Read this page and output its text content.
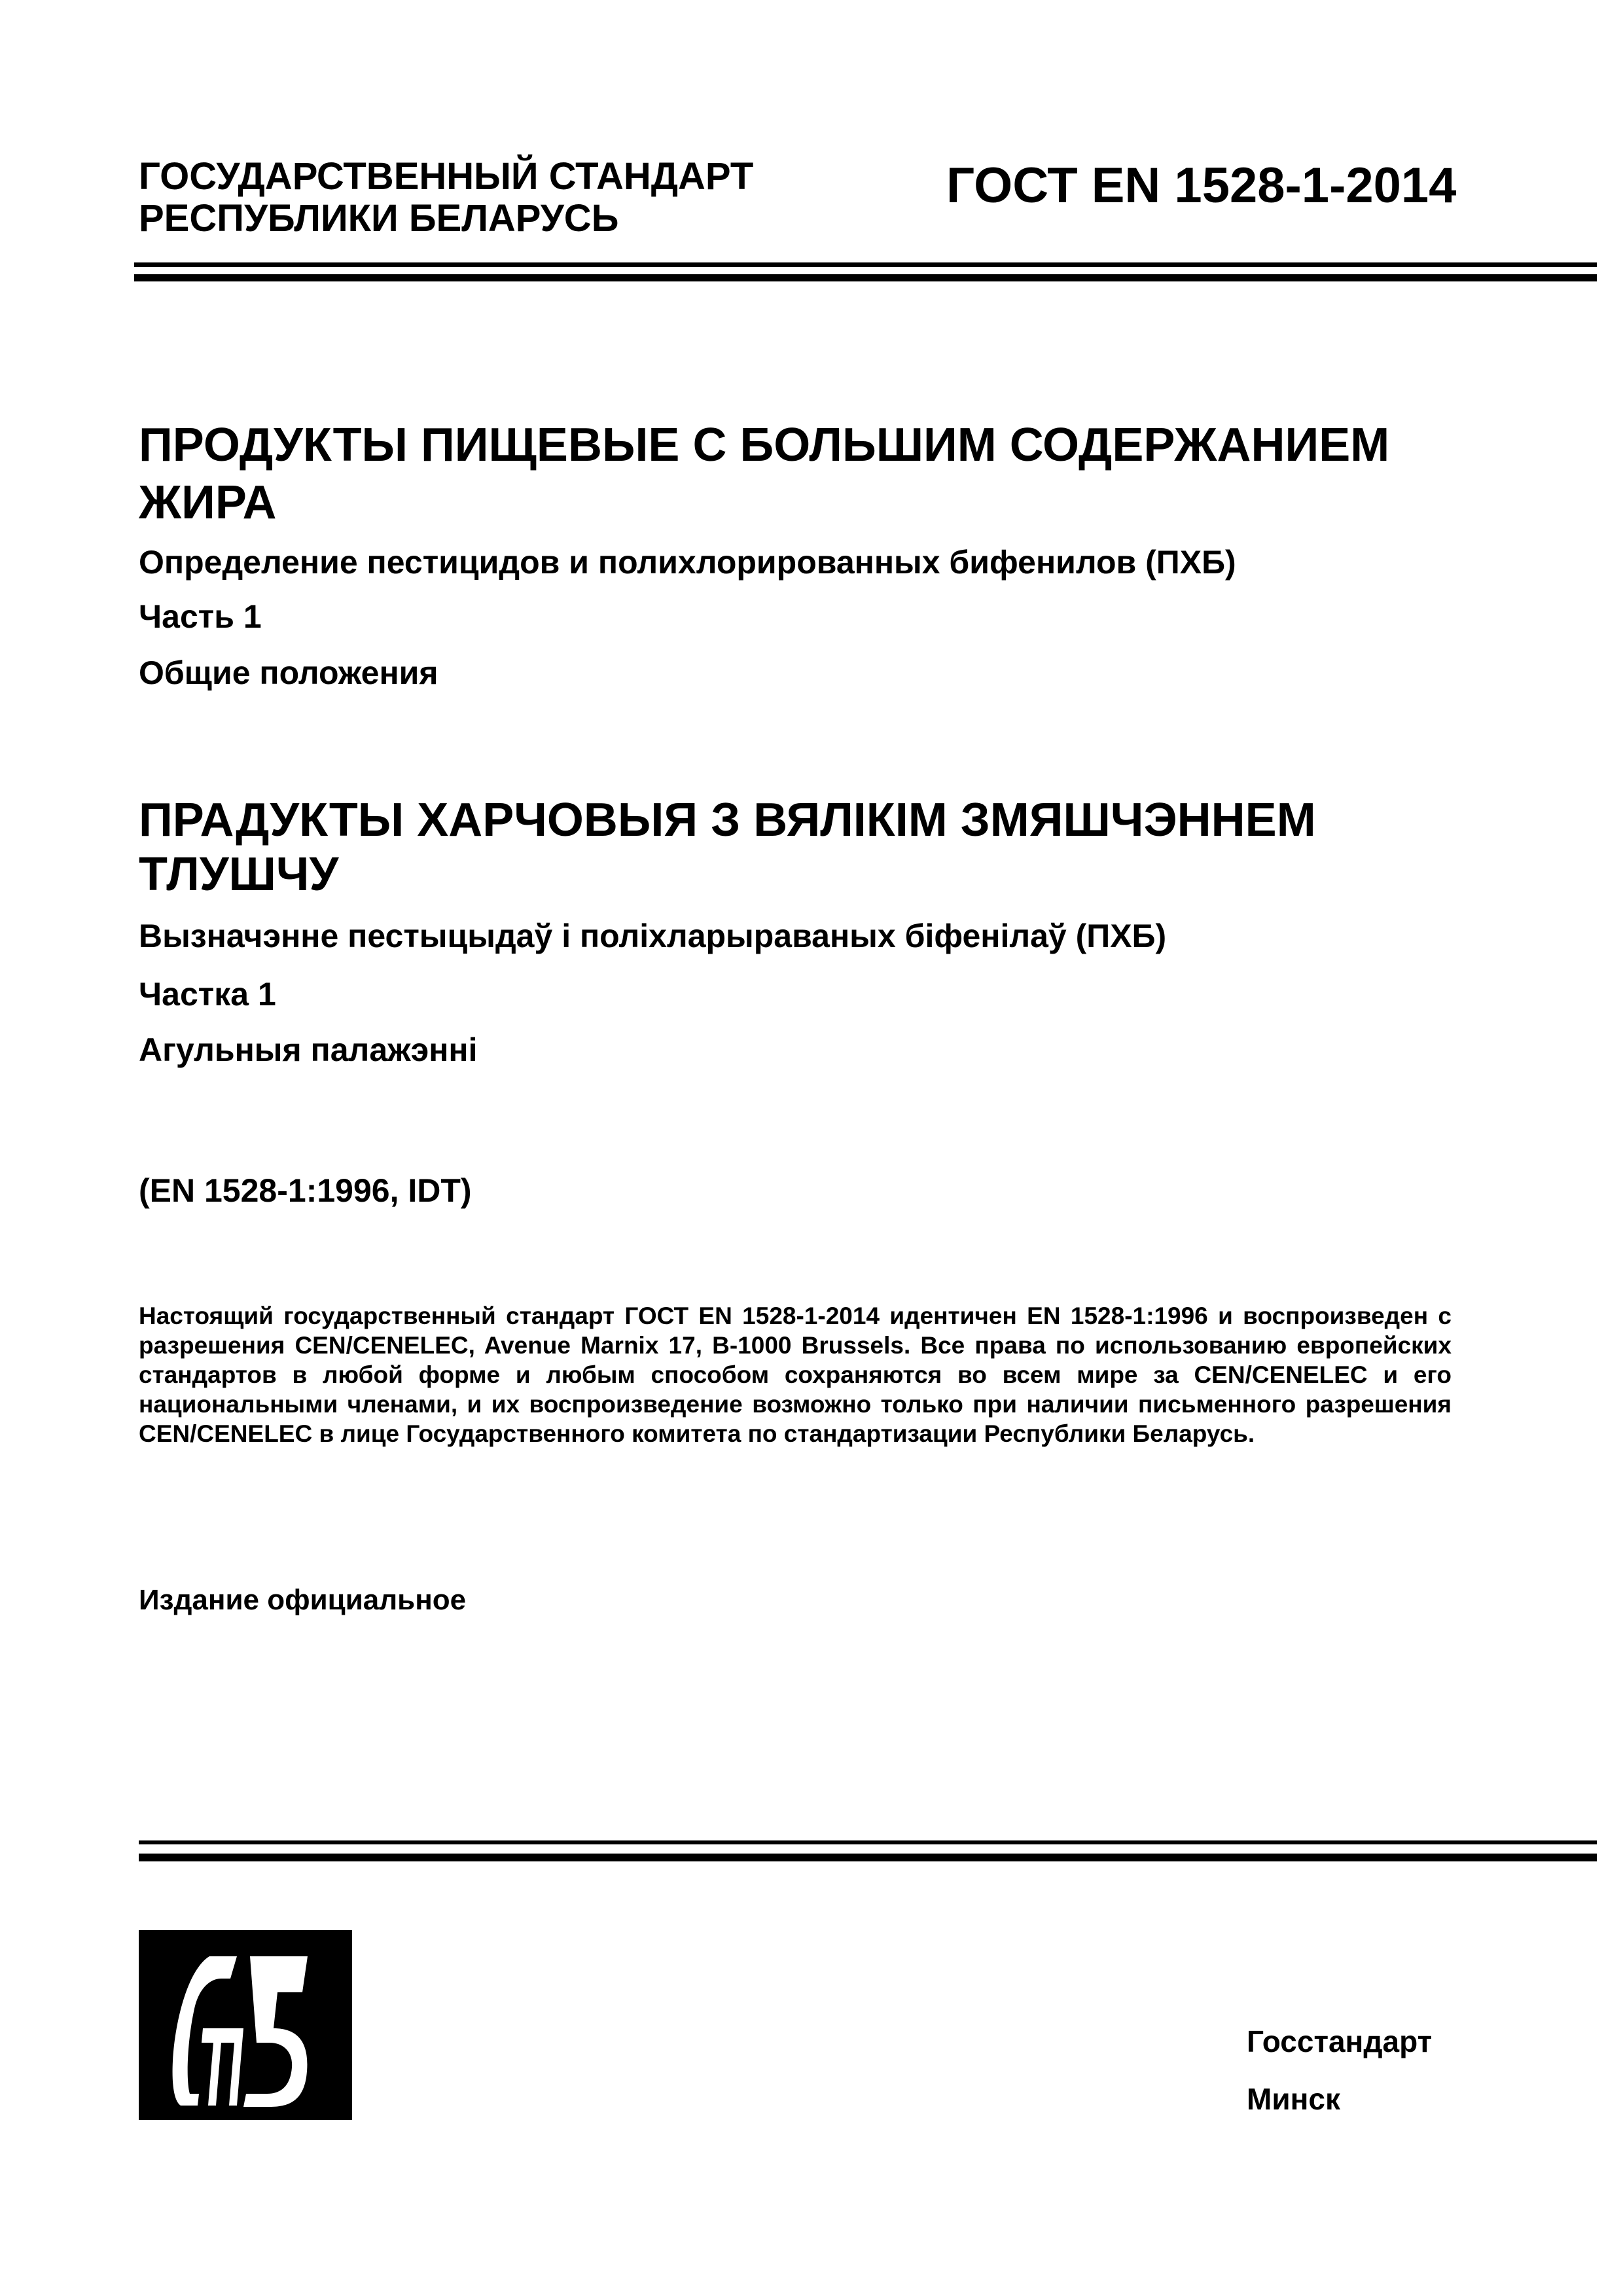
ГОСУДАРСТВЕННЫЙ СТАНДАРТ
РЕСПУБЛИКИ БЕЛАРУСЬ
ГОСТ EN 1528-1-2014
ПРОДУКТЫ ПИЩЕВЫЕ С БОЛЬШИМ СОДЕРЖАНИЕМ
ЖИРА
Определение пестицидов и полихлорированных бифенилов (ПХБ)
Часть 1
Общие положения
ПРАДУКТЫ ХАРЧОВЫЯ З ВЯЛІКІМ ЗМЯШЧЭННЕМ
ТЛУШЧУ
Вызначэнне пестыцыдаў і поліхларыраваных біфенілаў (ПХБ)
Частка 1
Агульныя палажэнні
(EN 1528-1:1996, IDT)
Настоящий государственный стандарт ГОСТ EN 1528-1-2014 идентичен EN 1528-1:1996 и воспроизведен с разрешения CEN/CENELEC, Avenue Marnix 17, B-1000 Brussels. Все права по использованию европейских стандартов в любой форме и любым способом сохраняются во всем мире за CEN/CENELEC и его национальными членами, и их воспроизведение возможно только при наличии письменного разрешения CEN/CENELEC в лице Государственного комитета по стандартизации Республики Беларусь.
Издание официальное
Госстандарт
Минск
